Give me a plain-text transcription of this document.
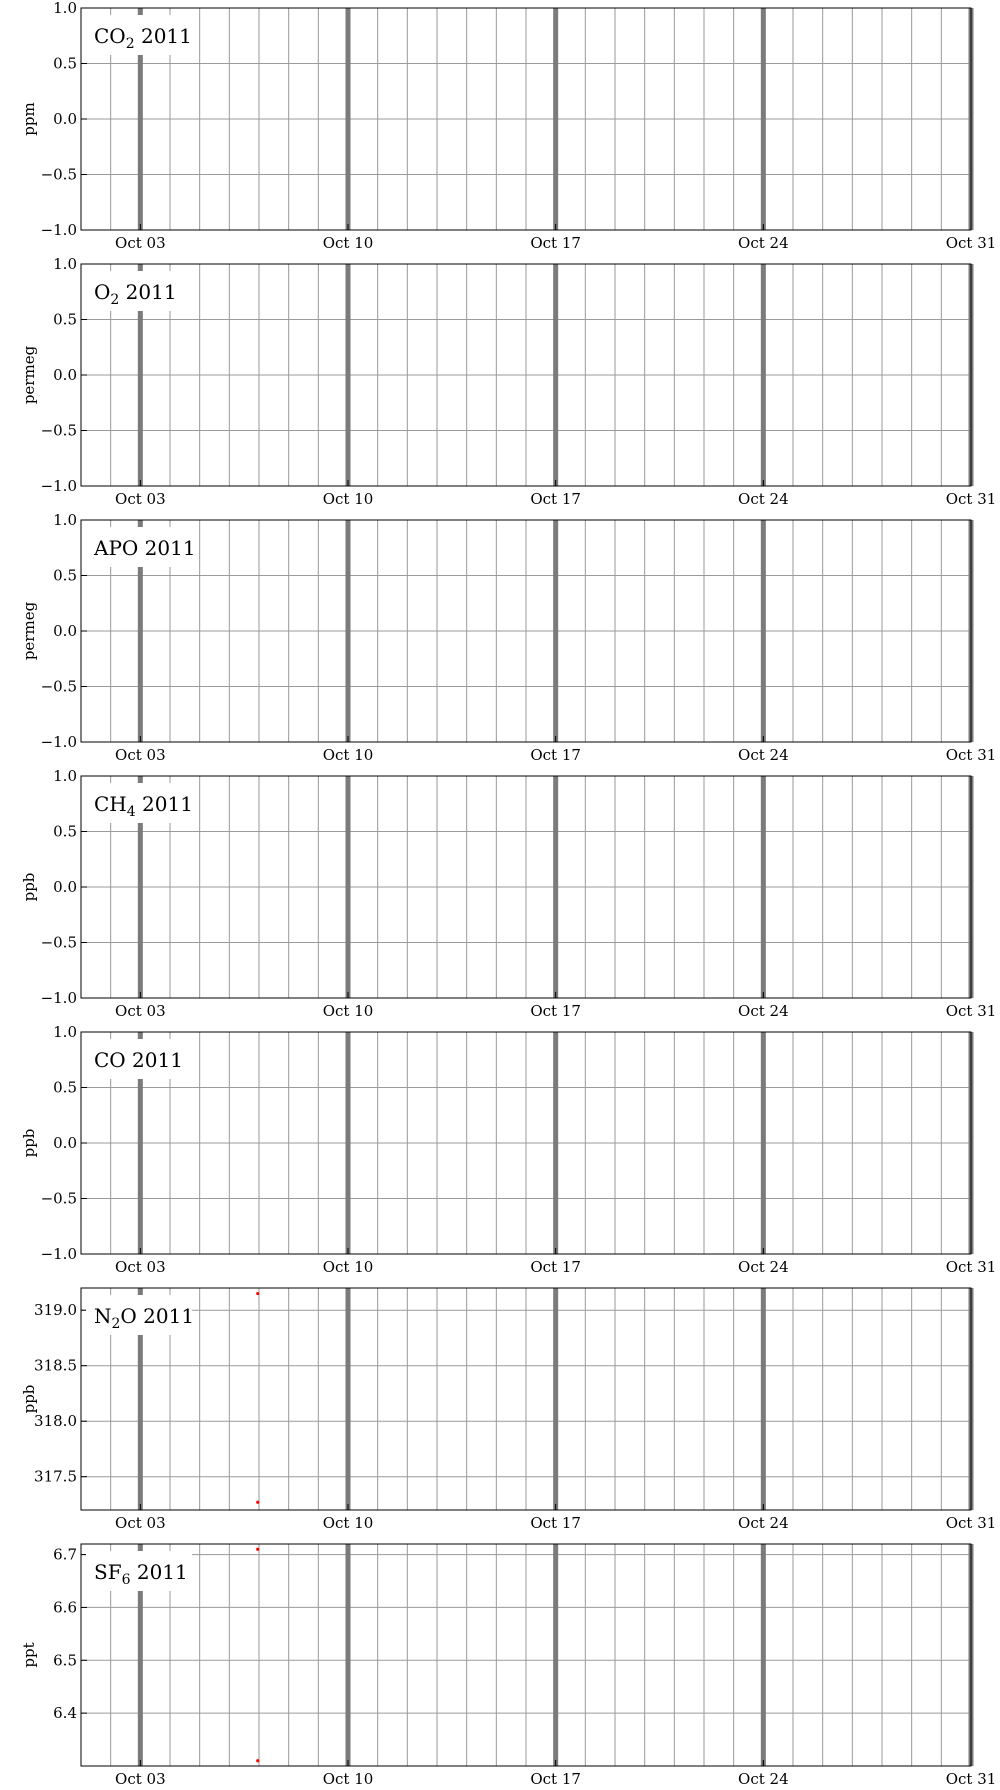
−1.0
−0.5
0.0
0.5
1.0
Oct 03	Oct 10	Oct 17	Oct 24	Oct 31
$CO_2$ 2011
ppm
−1.0
−0.5
0.0
0.5
1.0
Oct 03	Oct 10	Oct 17	Oct 24	Oct 31
$O_2$ 2011
permeg
−1.0
−0.5
0.0
0.5
1.0
Oct 03	Oct 10	Oct 17	Oct 24	Oct 31
APO 2011
permeg
−1.0
−0.5
0.0
0.5
1.0
Oct 03	Oct 10	Oct 17	Oct 24	Oct 31
$CH_4$ 2011
ppb
−1.0
−0.5
0.0
0.5
1.0
Oct 03	Oct 10	Oct 17	Oct 24	Oct 31
CO 2011
ppb
317.5
318.0
318.5
319.0
Oct 03	Oct 10	Oct 17	Oct 24	Oct 31
$N_2O$ 2011
ppb
6.4
6.5
6.6
6.7
Oct 03	Oct 10	Oct 17	Oct 24	Oct 31
$SF_6$ 2011
ppt
